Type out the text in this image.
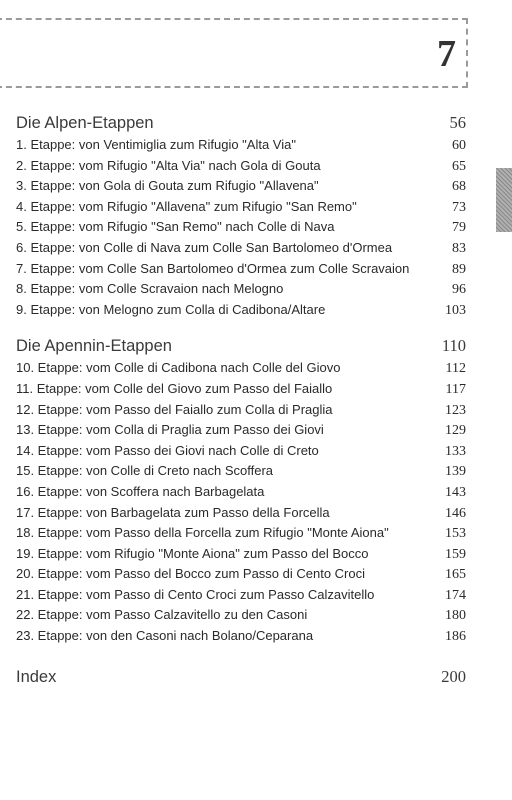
7
Die Alpen-Etappen	56
1. Etappe: von Ventimiglia zum Rifugio "Alta Via"	60
2. Etappe: vom Rifugio "Alta Via" nach Gola di Gouta	65
3. Etappe: von Gola di Gouta zum Rifugio "Allavena"	68
4. Etappe: vom Rifugio "Allavena" zum Rifugio "San Remo"	73
5. Etappe: vom Rifugio "San Remo" nach Colle di Nava	79
6. Etappe: von Colle di Nava zum Colle San Bartolomeo d'Ormea	83
7. Etappe: vom Colle San Bartolomeo d'Ormea zum Colle Scravaion	89
8. Etappe: vom Colle Scravaion nach Melogno	96
9. Etappe: von Melogno zum Colla di Cadibona/Altare	103
Die Apennin-Etappen	110
10. Etappe: vom Colle di Cadibona nach Colle del Giovo	112
11. Etappe: vom Colle del Giovo zum Passo del Faiallo	117
12. Etappe: vom Passo del Faiallo zum Colla di Praglia	123
13. Etappe: vom Colla di Praglia zum Passo dei Giovi	129
14. Etappe: vom Passo dei Giovi nach Colle di Creto	133
15. Etappe: von Colle di Creto nach Scoffera	139
16. Etappe: von Scoffera nach Barbagelata	143
17. Etappe: von Barbagelata zum Passo della Forcella	146
18. Etappe: vom Passo della Forcella zum Rifugio "Monte Aiona"	153
19. Etappe: vom Rifugio "Monte Aiona" zum Passo del Bocco	159
20. Etappe: vom Passo del Bocco zum Passo di Cento Croci	165
21. Etappe: vom Passo di Cento Croci zum Passo Calzavitello	174
22. Etappe: vom Passo Calzavitello zu den Casoni	180
23. Etappe: von den Casoni nach Bolano/Ceparana	186
Index	200
